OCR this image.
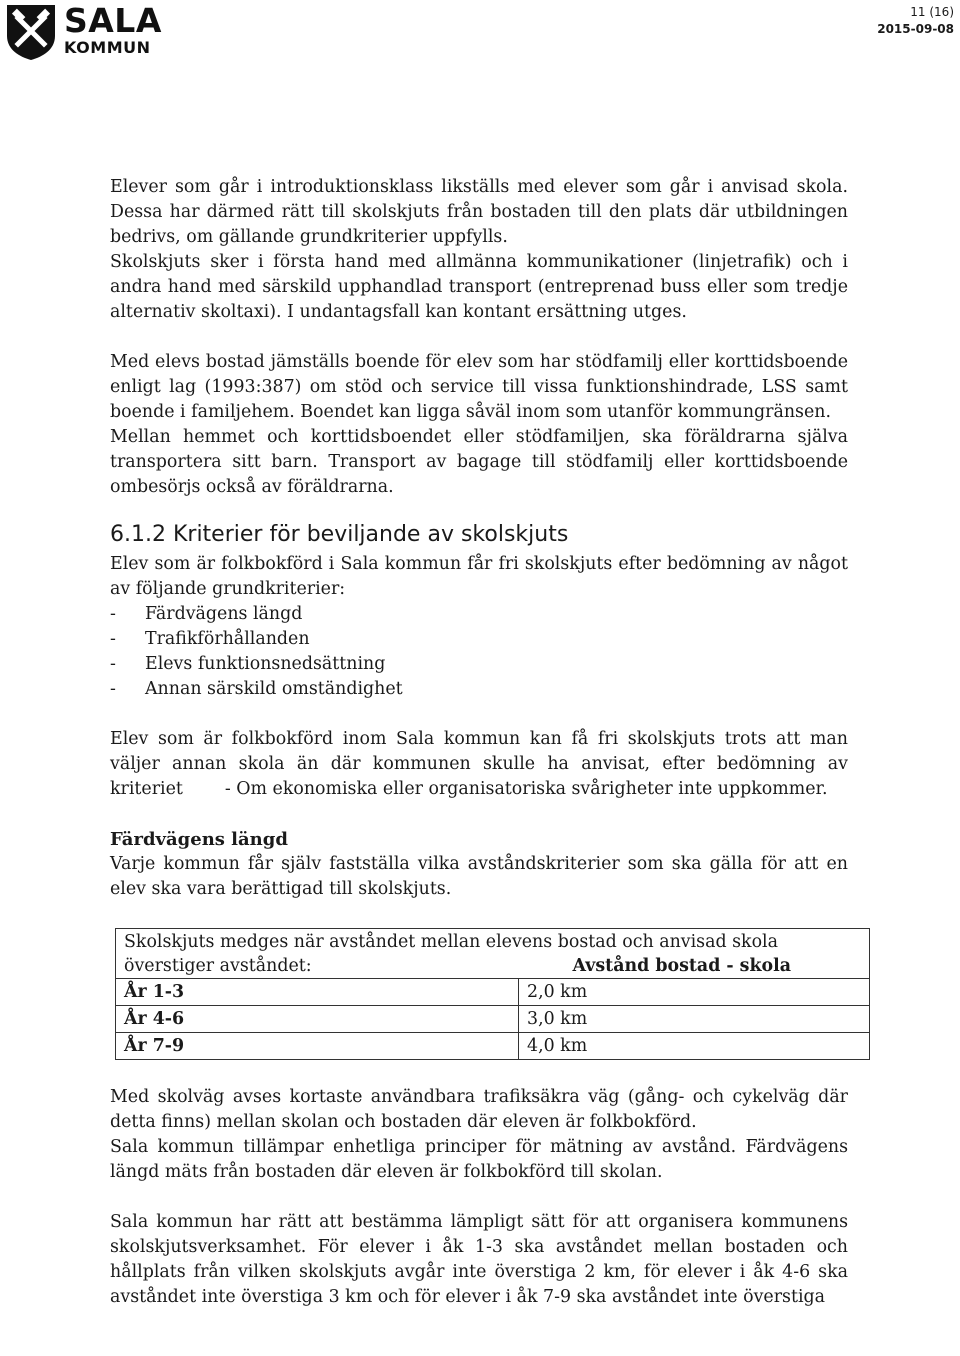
SALA
KOMMUN
11 (16)
2015-09-08

Elever som går i introduktionsklass likställs med elever som går i anvisad skola. Dessa har därmed rätt till skolskjuts från bostaden till den plats där utbildningen bedrivs, om gällande grundkriterier uppfylls.

Skolskjuts sker i första hand med allmänna kommunikationer (linjetrafik) och i andra hand med särskild upphandlad transport (entreprenad buss eller som tredje alternativ skoltaxi). I undantagsfall kan kontant ersättning utges.

Med elevs bostad jämställs boende för elev som har stödfamilj eller korttidsboende enligt lag (1993:387) om stöd och service till vissa funktionshindrade, LSS samt boende i familjehem. Boendet kan ligga såväl inom som utanför kommungränsen.

Mellan hemmet och korttidsboendet eller stödfamiljen, ska föräldrarna själva transportera sitt barn. Transport av bagage till stödfamilj eller korttidsboende ombesörjs också av föräldrarna.

6.1.2 Kriterier för beviljande av skolskjuts

Elev som är folkbokförd i Sala kommun får fri skolskjuts efter bedömning av något av följande grundkriterier:

- Färdvägens längd
- Trafikförhållanden
- Elevs funktionsnedsättning
- Annan särskild omständighet

Elev som är folkbokförd inom Sala kommun kan få fri skolskjuts trots att man väljer annan skola än där kommunen skulle ha anvisat, efter bedömning av kriteriet - Om ekonomiska eller organisatoriska svårigheter inte uppkommer.

Färdvägens längd

Varje kommun får själv fastställa vilka avståndskriterier som ska gälla för att en elev ska vara berättigad till skolskjuts.

Skolskjuts medges när avståndet mellan elevens bostad och anvisad skola
överstiger avståndet: Avstånd bostad - skola	

År 1-3	2,0 km
År 4-6	3,0 km
År 7-9	4,0 km

Med skolväg avses kortaste användbara trafiksäkra väg (gång- och cykelväg där detta finns) mellan skolan och bostaden där eleven är folkbokförd.

Sala kommun tillämpar enhetliga principer för mätning av avstånd. Färdvägens längd mäts från bostaden där eleven är folkbokförd till skolan.

Sala kommun har rätt att bestämma lämpligt sätt för att organisera kommunens skolskjutsverksamhet. För elever i åk 1-3 ska avståndet mellan bostaden och hållplats från vilken skolskjuts avgår inte överstiga 2 km, för elever i åk 4-6 ska avståndet inte överstiga 3 km och för elever i åk 7-9 ska avståndet inte överstiga
